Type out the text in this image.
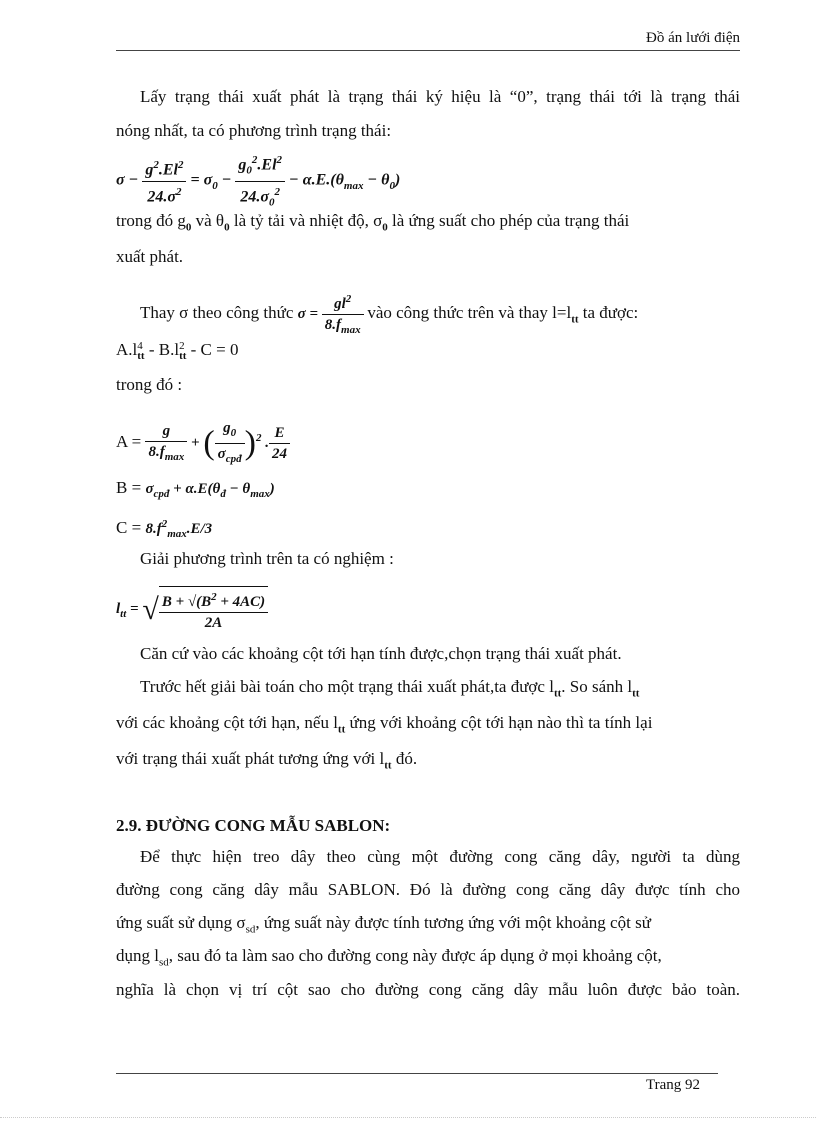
Đồ án lưới điện
Lấy trạng thái xuất phát là trạng thái ký hiệu là “0”, trạng thái tới là trạng thái
nóng nhất, ta có phương trình trạng thái:
$\sigma - \frac{g^2.El^2}{24.\sigma^2} = \sigma_0 - \frac{g_0^2.El^2}{24.\sigma_0^2} - \alpha.E.(\theta_{max} - \theta_0)$
trong đó $g_0$ và $\theta_0$ là tỷ tải và nhiệt độ, $\sigma_0$ là ứng suất cho phép của trạng thái
xuất phát.
Thay σ theo công thức $\sigma = \frac{gl^2}{8.f_{max}}$ vào công thức trên và thay $l=l_{tt}$ ta được:
A.l 4
tt - B.l 2
tt - C = 0
trong đó :
$A = \frac{g}{8.f_{max}}$ + ( $\frac{g_0}{\sigma_{cpđ}} )^2$ . $\frac{E}{24}$
$B = \sigma_{cpđ} + \alpha.E(\theta_đ - \theta_{max})$
$C = 8.f^2_{max}.E/3$
Giải phương trình trên ta có nghiệm :
$l_{tt}$ = √ $\frac{B + √(B^2 + 4AC)}{2A}$
Căn cứ vào các khoảng cột tới hạn tính được,chọn trạng thái xuất phát.
Trước hết giải bài toán cho một trạng thái xuất phát,ta được $l_{tt}$. So sánh $l_{tt}$
với các khoảng cột tới hạn, nếu $l_{tt}$ ứng với khoảng cột tới hạn nào thì ta tính lại
với trạng thái xuất phát tương ứng với $l_{tt}$ đó.
2.9. ĐƯỜNG CONG MẪU SABLON:
Để thực hiện treo dây theo cùng một đường cong căng dây, người ta dùng
đường cong căng dây mẫu SABLON. Đó là đường cong căng dây được tính cho
ứng suất sử dụng $\sigma_{sd}$, ứng suất này được tính tương ứng với một khoảng cột sử
dụng $l_{sd}$, sau đó ta làm sao cho đường cong này được áp dụng ở mọi khoảng cột,
nghĩa là chọn vị trí cột sao cho đường cong căng dây mẫu luôn được bảo toàn.
Trang 92
